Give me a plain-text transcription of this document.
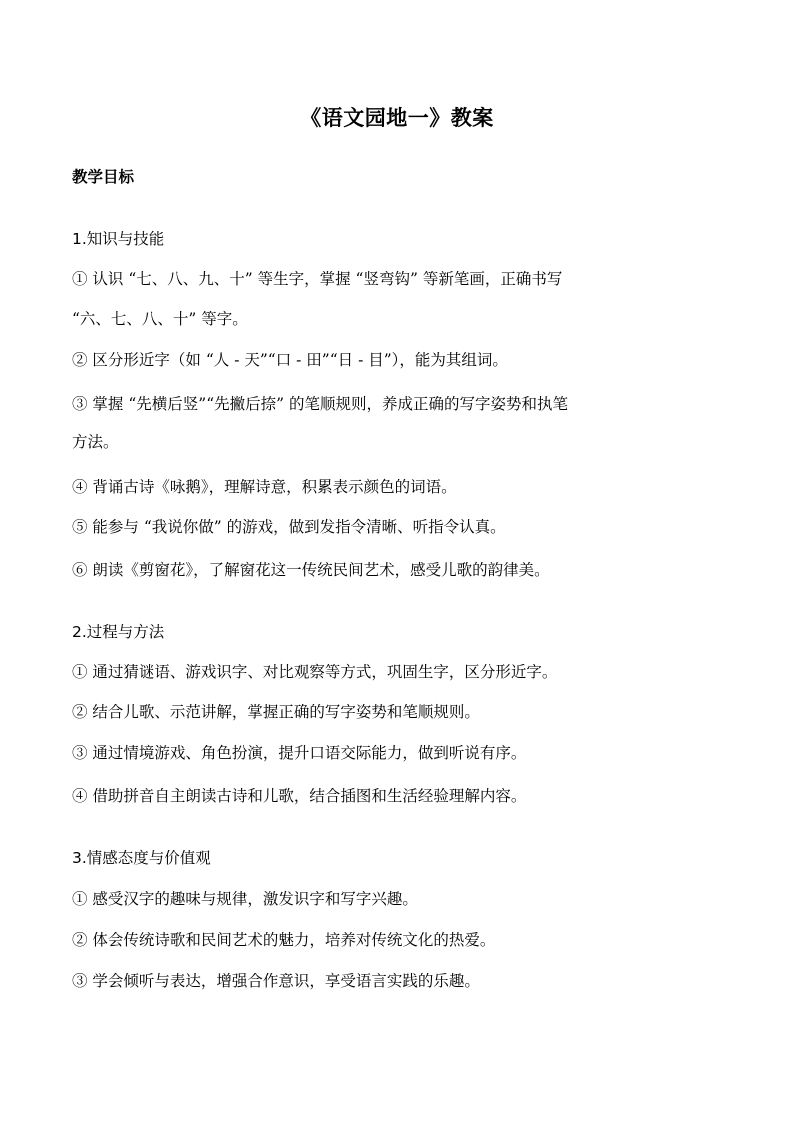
《语文园地一》教案
教学目标
1.知识与技能
① 认识 “七、八、九、十” 等生字，掌握 “竖弯钩” 等新笔画，正确书写
“六、七、八、十” 等字。
② 区分形近字（如 “人 - 天”“口 - 田”“日 - 目”），能为其组词。
③ 掌握 “先横后竖”“先撇后捺” 的笔顺规则，养成正确的写字姿势和执笔
方法。
④ 背诵古诗《咏鹅》，理解诗意，积累表示颜色的词语。
⑤ 能参与 “我说你做” 的游戏，做到发指令清晰、听指令认真。
⑥ 朗读《剪窗花》，了解窗花这一传统民间艺术，感受儿歌的韵律美。
2.过程与方法
① 通过猜谜语、游戏识字、对比观察等方式，巩固生字，区分形近字。
② 结合儿歌、示范讲解，掌握正确的写字姿势和笔顺规则。
③ 通过情境游戏、角色扮演，提升口语交际能力，做到听说有序。
④ 借助拼音自主朗读古诗和儿歌，结合插图和生活经验理解内容。
3.情感态度与价值观
① 感受汉字的趣味与规律，激发识字和写字兴趣。
② 体会传统诗歌和民间艺术的魅力，培养对传统文化的热爱。
③ 学会倾听与表达，增强合作意识，享受语言实践的乐趣。
